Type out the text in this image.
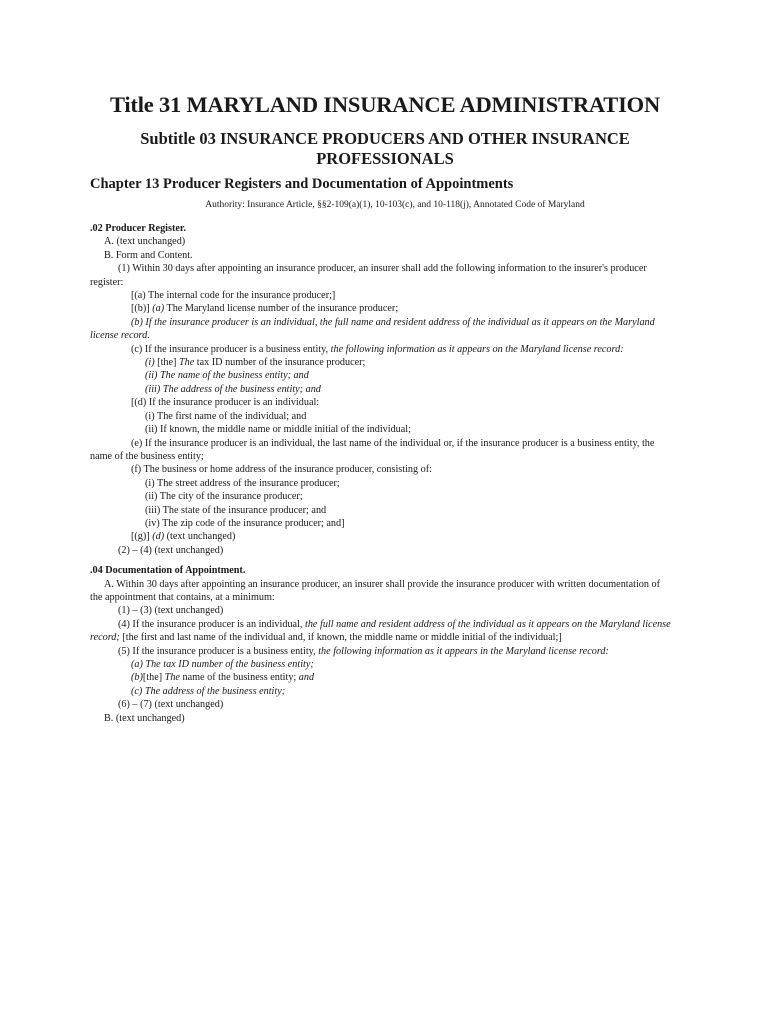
Title 31 MARYLAND INSURANCE ADMINISTRATION
Subtitle 03 INSURANCE PRODUCERS AND OTHER INSURANCE PROFESSIONALS
Chapter 13 Producer Registers and Documentation of Appointments
Authority: Insurance Article, §§2-109(a)(1), 10-103(c), and 10-118(j), Annotated Code of Maryland

.02 Producer Register.

A. (text unchanged)

B. Form and Content.

(1) Within 30 days after appointing an insurance producer, an insurer shall add the following information to the insurer's producer register:

[(a) The internal code for the insurance producer;]

[(b)] (a) The Maryland license number of the insurance producer;

(b) If the insurance producer is an individual, the full name and resident address of the individual as it appears on the Maryland license record.

(c) If the insurance producer is a business entity, the following information as it appears on the Maryland license record:

(i) [the] The tax ID number of the insurance producer;

(ii) The name of the business entity; and

(iii) The address of the business entity; and

[(d) If the insurance producer is an individual:

(i) The first name of the individual; and

(ii) If known, the middle name or middle initial of the individual;

(e) If the insurance producer is an individual, the last name of the individual or, if the insurance producer is a business entity, the name of the business entity;

(f) The business or home address of the insurance producer, consisting of:

(i) The street address of the insurance producer;

(ii) The city of the insurance producer;

(iii) The state of the insurance producer; and

(iv) The zip code of the insurance producer; and]

[(g)] (d) (text unchanged)

(2) – (4) (text unchanged)

.04 Documentation of Appointment.

A. Within 30 days after appointing an insurance producer, an insurer shall provide the insurance producer with written documentation of the appointment that contains, at a minimum:

(1) – (3) (text unchanged)

(4) If the insurance producer is an individual, the full name and resident address of the individual as it appears on the Maryland license record; [the first and last name of the individual and, if known, the middle name or middle initial of the individual;]

(5) If the insurance producer is a business entity, the following information as it appears in the Maryland license record:

(a) The tax ID number of the business entity;

(b)[the] The name of the business entity; and

(c) The address of the business entity;

(6) – (7) (text unchanged)

B. (text unchanged)
